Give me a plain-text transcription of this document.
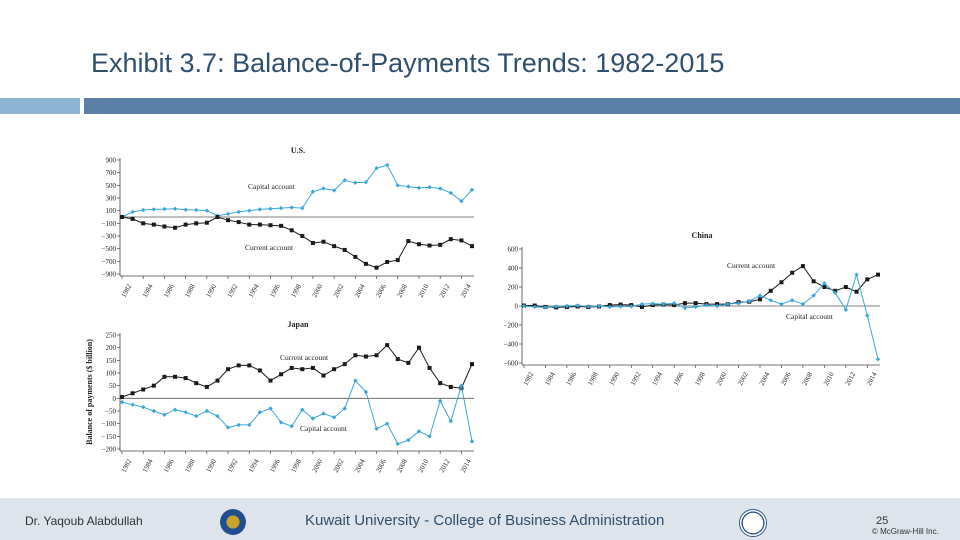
Exhibit 3.7: Balance-of-Payments Trends: 1982-2015
U.S.
900
700
500
300
100
−100
−300
−500
−700
−900
1982 1984 1986 1988 1990 1992 1994 1996 1998 2000 2002 2004 2006 2008 2010 2012 2014
Capital account
Current account
Japan
250
200
150
100
50
0
−50
−100
−150
−200
1982 1984 1986 1988 1990 1992 1994 1996 1998 2000 2002 2004 2006 2008 2010 2012 2014
Balance of payments ($ billion)	Current account
Capital account
China
600
400
200
0
−200
−400
−600
1982 1984 1986 1988 1990 1992 1994 1996 1998 2000 2002 2004 2006 2008 2010 2012 2014
Current account
Capital account
Dr. Yaqoub Alabdullah	Kuwait University - College of Business Administration	25
© McGraw-Hill Inc.
